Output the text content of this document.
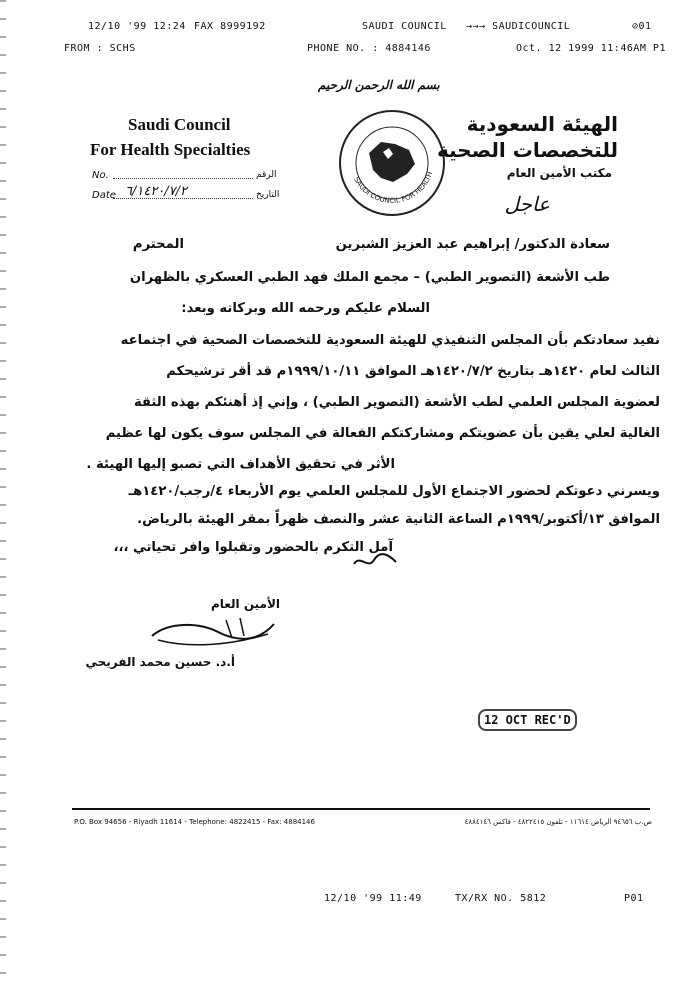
12/10 '99 12:24 FAX 8999192	SAUDI COUNCIL →→→ SAUDICOUNCIL	⊘01
FROM : SCHS	PHONE NO. : 4884146	Oct. 12 1999 11:46AM P1
بسم الله الرحمن الرحيم
Saudi Council
For Health Specialties
No.	الرقم
Date ٦/١٤٢٠/٧/٢	التاريخ
SAUDI COUNCIL FOR HEALTH
الهيئة السعودية
للتخصصات الصحية
مكتب الأمين العام
عاجل
سعادة الدكتور/ إبراهيم عبد العزيز الشبرين
المحترم
طب الأشعة (التصوير الطبي) – مجمع الملك فهد الطبي العسكري بالظهران
السلام عليكم ورحمه الله وبركاته وبعد:
نفيد سعادتكم بأن المجلس التنفيذي للهيئة السعودية للتخصصات الصحية في اجتماعه
الثالث لعام ١٤٢٠هـ بتاريخ ١٤٢٠/٧/٢هـ الموافق ١٩٩٩/١٠/١١م قد أقر ترشيحكم
لعضوية المجلس العلمي لطب الأشعة (التصوير الطبي) ، وإني إذ أهنئكم بهذه الثقة
الغالية لعلي يقين بأن عضويتكم ومشاركتكم الفعالة في المجلس سوف يكون لها عظيم
الأثر في تحقيق الأهداف التي تصبو إليها الهيئة .
ويسرني دعوتكم لحضور الاجتماع الأول للمجلس العلمي يوم الأربعاء ٤/رجب/١٤٢٠هـ
الموافق ١٣/أكتوبر/١٩٩٩م الساعة الثانية عشر والنصف ظهراً بمقر الهيئة بالرياض.
آمل التكرم بالحضور وتقبلوا وافر تحياتي ،،،
الأمين العام
أ.د. حسين محمد الفريحي
12 OCT REC'D
P.O. Box 94656 - Riyadh 11614 - Telephone: 4822415 - Fax: 4884146	ص.ب ٩٤٦٥٦ الرياض ١١٦١٤ - تلفون ٤٨٢٢٤١٥ - فاكس ٤٨٨٤١٤٦
12/10 '99 11:49	TX/RX NO. 5812	P01
